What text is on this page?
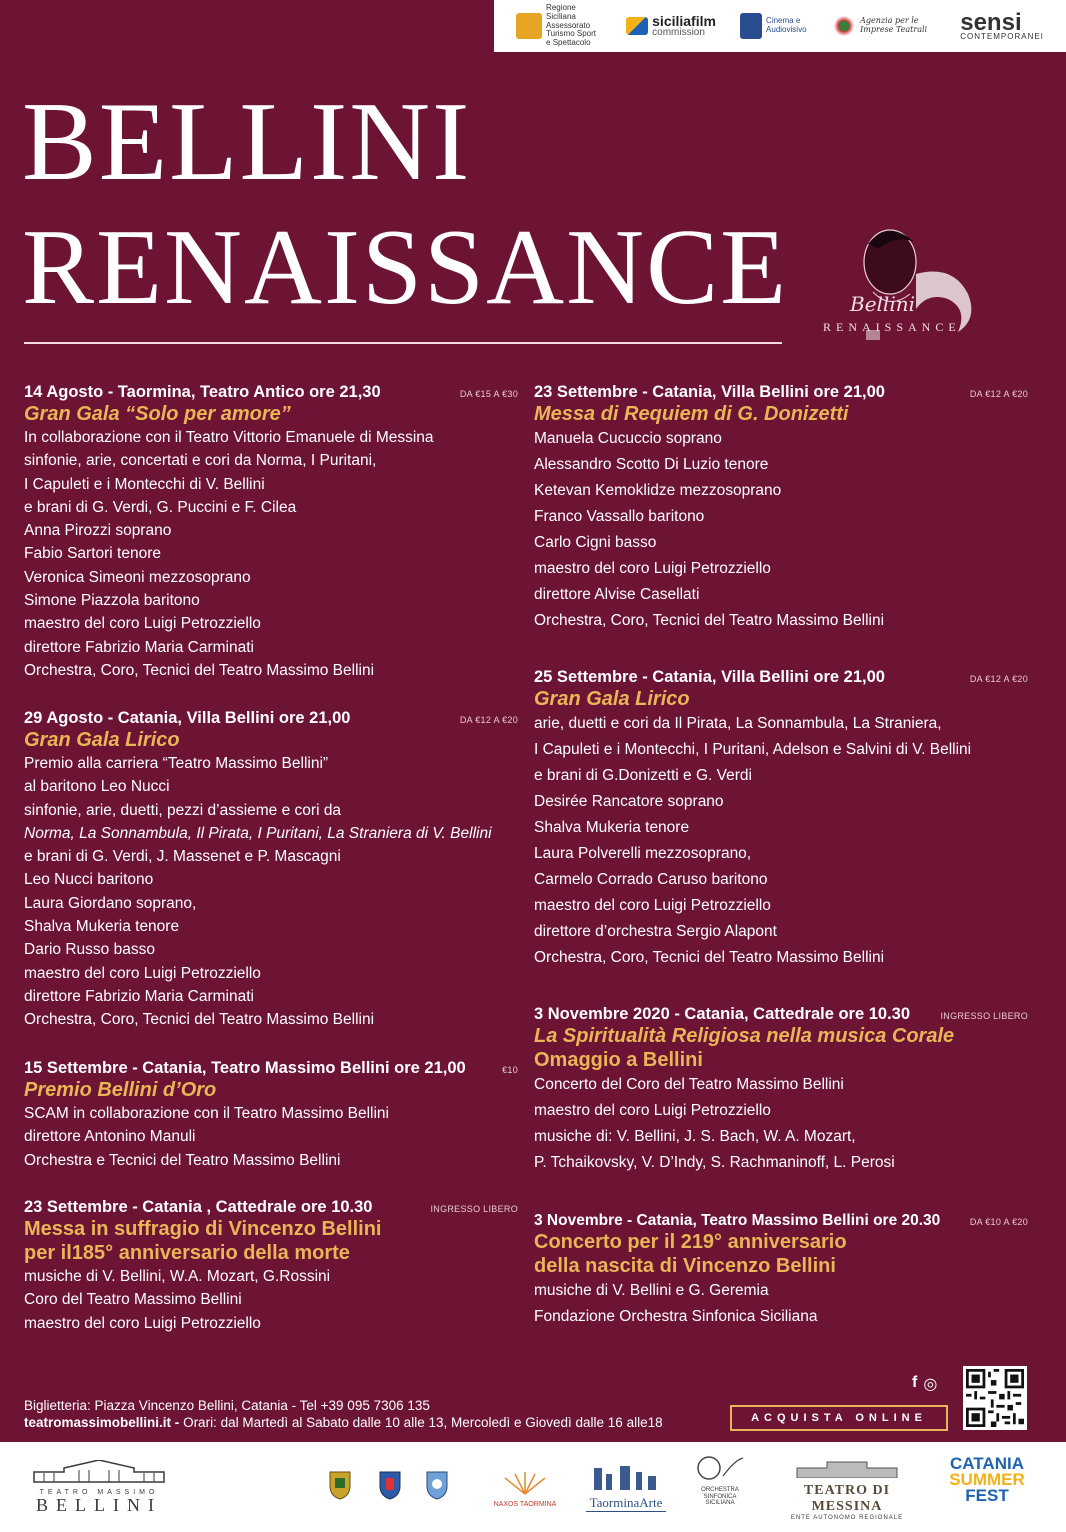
Regione Siciliana Assessorato Turismo Sport e Spettacolo
siciliafilm
commission
Cinema e Audiovisivo
Agenzia per le Imprese Teatrali	sensi
CONTEMPORANEI
BELLINI
RENAISSANCE	Bellini
RENAISSANCE
14 Agosto - Taormina, Teatro Antico ore 21,30	DA €15 A €30
Gran Gala “Solo per amore”
In collaborazione con il Teatro Vittorio Emanuele di Messina
sinfonie, arie, concertati e cori da Norma, I Puritani,
I Capuleti e i Montecchi di V. Bellini
e brani di G. Verdi, G. Puccini e F. Cilea
Anna Pirozzi soprano
Fabio Sartori tenore
Veronica Simeoni mezzosoprano
Simone Piazzola baritono
maestro del coro Luigi Petrozziello
direttore Fabrizio Maria Carminati
Orchestra, Coro, Tecnici del Teatro Massimo Bellini
29 Agosto - Catania, Villa Bellini ore 21,00	DA €12 A €20
Gran Gala Lirico
Premio alla carriera “Teatro Massimo Bellini”
al baritono Leo Nucci
sinfonie, arie, duetti, pezzi d’assieme e cori da
Norma, La Sonnambula, Il Pirata, I Puritani, La Straniera di V. Bellini
e brani di G. Verdi, J. Massenet e P. Mascagni
Leo Nucci baritono
Laura Giordano soprano,
Shalva Mukeria tenore
Dario Russo basso
maestro del coro Luigi Petrozziello
direttore Fabrizio Maria Carminati
Orchestra, Coro, Tecnici del Teatro Massimo Bellini
15 Settembre - Catania, Teatro Massimo Bellini ore 21,00	€10
Premio Bellini d’Oro
SCAM in collaborazione con il Teatro Massimo Bellini
direttore Antonino Manuli
Orchestra e Tecnici del Teatro Massimo Bellini
23 Settembre - Catania , Cattedrale ore 10.30	INGRESSO LIBERO
Messa in suffragio di Vincenzo Bellini
per il185° anniversario della morte
musiche di V. Bellini, W.A. Mozart, G.Rossini
Coro del Teatro Massimo Bellini
maestro del coro Luigi Petrozziello
23 Settembre - Catania, Villa Bellini ore 21,00	DA €12 A €20
Messa di Requiem di G. Donizetti
Manuela Cucuccio soprano
Alessandro Scotto Di Luzio tenore
Ketevan Kemoklidze mezzosoprano
Franco Vassallo baritono
Carlo Cigni basso
maestro del coro Luigi Petrozziello
direttore Alvise Casellati
Orchestra, Coro, Tecnici del Teatro Massimo Bellini
25 Settembre - Catania, Villa Bellini ore 21,00	DA €12 A €20
Gran Gala Lirico
arie, duetti e cori da Il Pirata, La Sonnambula, La Straniera,
I Capuleti e i Montecchi, I Puritani, Adelson e Salvini di V. Bellini
e brani di G.Donizetti e G. Verdi
Desirée Rancatore soprano
Shalva Mukeria tenore
Laura Polverelli mezzosoprano,
Carmelo Corrado Caruso baritono
maestro del coro Luigi Petrozziello
direttore d’orchestra Sergio Alapont
Orchestra, Coro, Tecnici del Teatro Massimo Bellini
3 Novembre 2020 - Catania, Cattedrale ore 10.30	INGRESSO LIBERO
La Spiritualità Religiosa nella musica Corale
Omaggio a Bellini
Concerto del Coro del Teatro Massimo Bellini
maestro del coro Luigi Petrozziello
musiche di: V. Bellini, J. S. Bach, W. A. Mozart,
P. Tchaikovsky, V. D’Indy, S. Rachmaninoff, L. Perosi
3 Novembre - Catania, Teatro Massimo Bellini ore 20.30	DA €10 A €20
Concerto per il 219° anniversario
della nascita di Vincenzo Bellini
musiche di V. Bellini e G. Geremia
Fondazione Orchestra Sinfonica Siciliana
Biglietteria: Piazza Vincenzo Bellini, Catania - Tel +39 095 7306 135
teatromassimobellini.it - Orari: dal Martedì al Sabato dalle 10 alle 13, Mercoledì e Giovedì dalle 16 alle18
f ◎
ACQUISTA ONLINE
TEATRO MASSIMO
BELLINI	NAXOS TAORMINA	TaorminaArte
ORCHESTRA SINFONICA SICILIANA
TEATRO DI MESSINA
ENTE AUTONOMO REGIONALE
CATANIA
SUMMER
FEST
